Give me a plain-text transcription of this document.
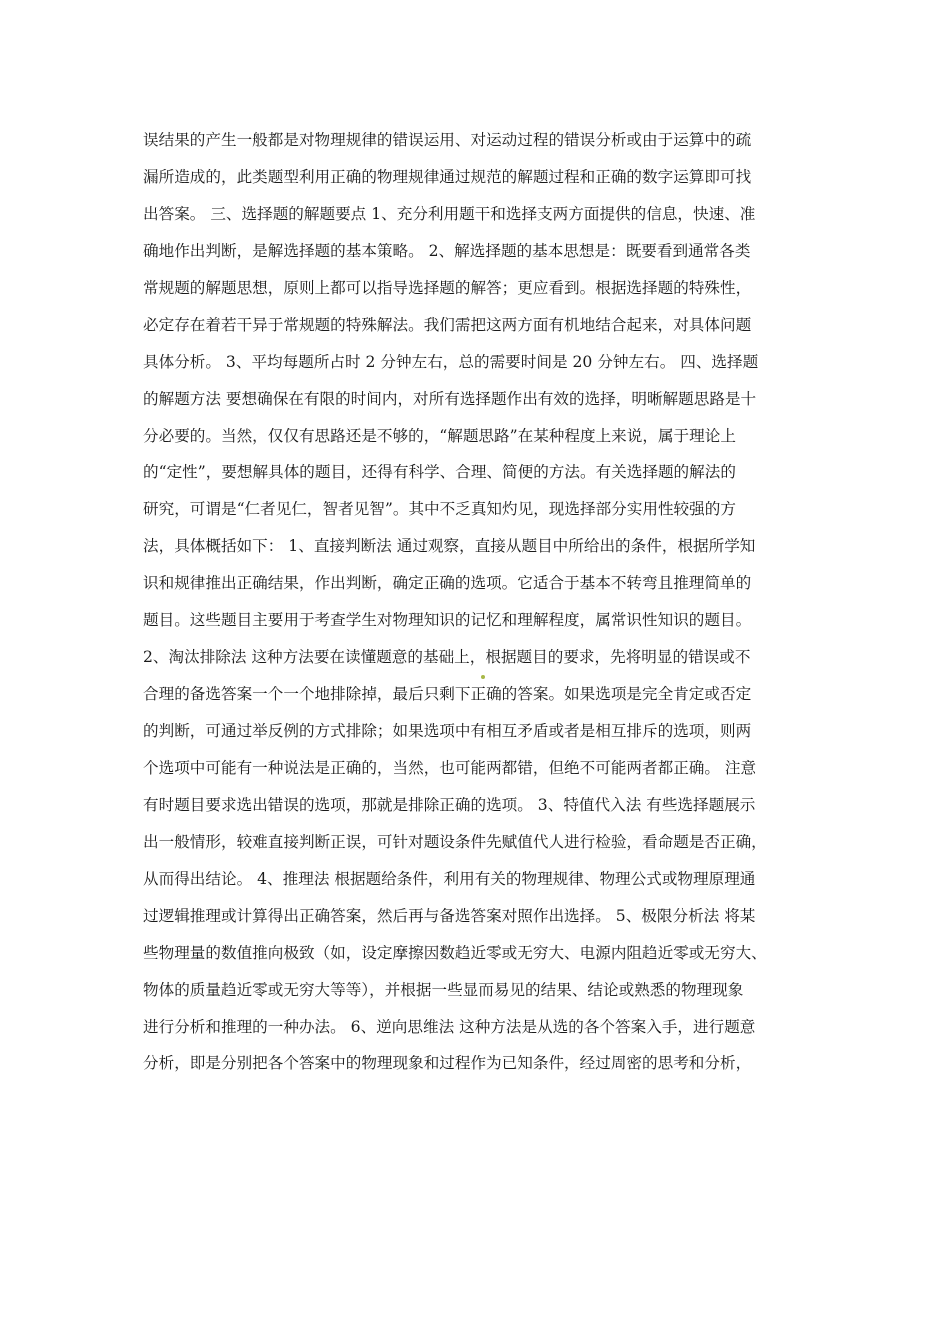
误结果的产生一般都是对物理规律的错误运用、对运动过程的错误分析或由于运算中的疏
漏所造成的，此类题型利用正确的物理规律通过规范的解题过程和正确的数字运算即可找
出答案。 三、选择题的解题要点 1、充分利用题干和选择支两方面提供的信息，快速、准
确地作出判断，是解选择题的基本策略。 2、解选择题的基本思想是：既要看到通常各类
常规题的解题思想，原则上都可以指导选择题的解答；更应看到。根据选择题的特殊性，
必定存在着若干异于常规题的特殊解法。我们需把这两方面有机地结合起来，对具体问题
具体分析。 3、平均每题所占时 2 分钟左右，总的需要时间是 20 分钟左右。 四、选择题
的解题方法 要想确保在有限的时间内，对所有选择题作出有效的选择，明晰解题思路是十
分必要的。当然，仅仅有思路还是不够的，“解题思路”在某种程度上来说，属于理论上
的“定性”，要想解具体的题目，还得有科学、合理、简便的方法。有关选择题的解法的
研究，可谓是“仁者见仁，智者见智”。其中不乏真知灼见，现选择部分实用性较强的方
法，具体概括如下： 1、直接判断法 通过观察，直接从题目中所给出的条件，根据所学知
识和规律推出正确结果，作出判断，确定正确的选项。它适合于基本不转弯且推理简单的
题目。这些题目主要用于考查学生对物理知识的记忆和理解程度，属常识性知识的题目。
2、淘汰排除法 这种方法要在读懂题意的基础上，根据题目的要求，先将明显的错误或不
合理的备选答案一个一个地排除掉，最后只剩下正确的答案。如果选项是完全肯定或否定
的判断，可通过举反例的方式排除；如果选项中有相互矛盾或者是相互排斥的选项，则两
个选项中可能有一种说法是正确的，当然，也可能两都错，但绝不可能两者都正确。 注意
有时题目要求选出错误的选项，那就是排除正确的选项。 3、特值代入法 有些选择题展示
出一般情形，较难直接判断正误，可针对题设条件先赋值代人进行检验，看命题是否正确，
从而得出结论。 4、推理法 根据题给条件，利用有关的物理规律、物理公式或物理原理通
过逻辑推理或计算得出正确答案，然后再与备选答案对照作出选择。 5、极限分析法 将某
些物理量的数值推向极致（如，设定摩擦因数趋近零或无穷大、电源内阻趋近零或无穷大、
物体的质量趋近零或无穷大等等），并根据一些显而易见的结果、结论或熟悉的物理现象
进行分析和推理的一种办法。 6、逆向思维法 这种方法是从选的各个答案入手，进行题意
分析，即是分别把各个答案中的物理现象和过程作为已知条件，经过周密的思考和分析，
